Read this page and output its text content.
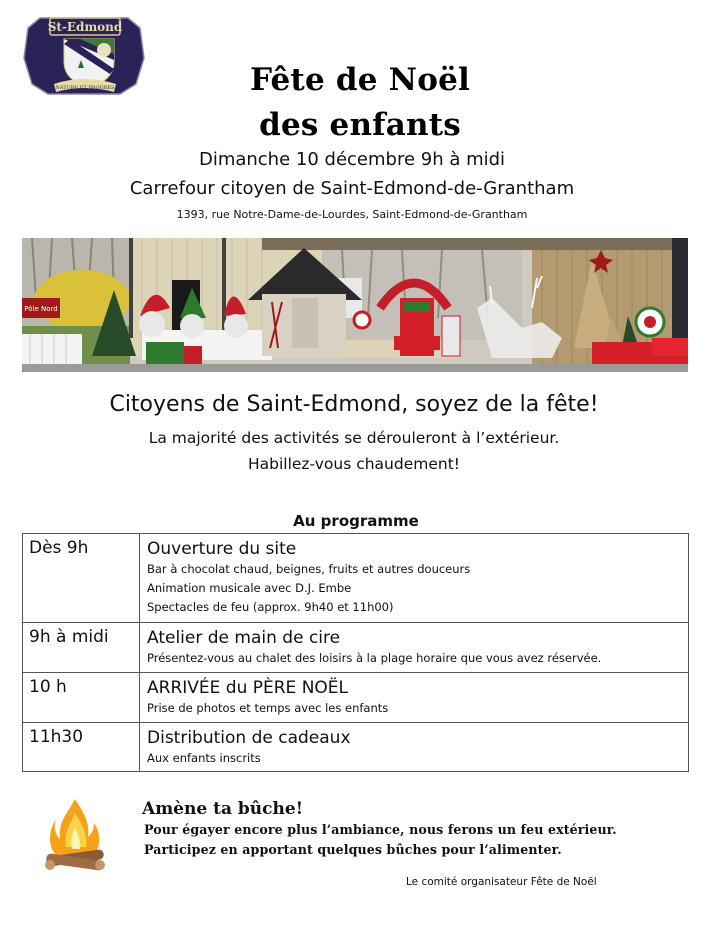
St-Edmond
NATURE ET PROGRÈS	Fête de Noël
des enfants
Dimanche 10 décembre 9h à midi
Carrefour citoyen de Saint-Edmond-de-Grantham
1393, rue Notre-Dame-de-Lourdes, Saint-Edmond-de-Grantham
Pôle Nord
Citoyens de Saint-Edmond, soyez de la fête!
La majorité des activités se dérouleront à l’extérieur.
Habillez-vous chaudement!
Au programme
Dès 9h	Ouverture du site
Bar à chocolat chaud, beignes, fruits et autres douceurs
Animation musicale avec D.J. Embe
Spectacles de feu (approx. 9h40 et 11h00)

9h à midi	Atelier de main de cire
Présentez-vous au chalet des loisirs à la plage horaire que vous avez réservée.

10 h	ARRIVÉE du PÈRE NOËL
Prise de photos et temps avec les enfants

11h30	Distribution de cadeaux
Aux enfants inscrits
Amène ta bûche!
Pour égayer encore plus l’ambiance, nous ferons un feu extérieur.
Participez en apportant quelques bûches pour l’alimenter.
Le comité organisateur Fête de Noël
